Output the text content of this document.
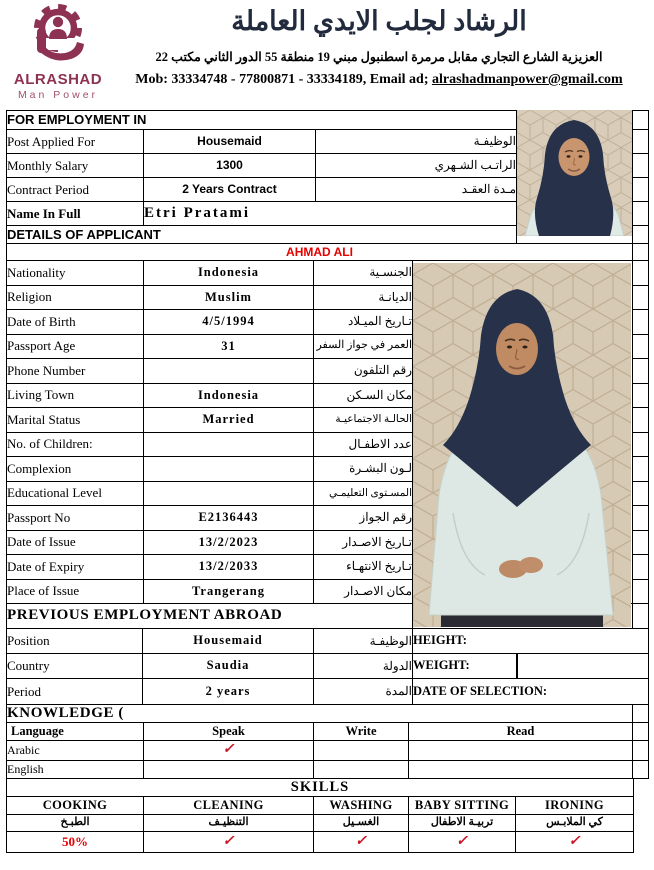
ALRASHAD
Man Power
الرشاد لجلب الايدي العاملة
العزيزية الشارع التجاري مقابل مرمرة اسطنبول مبني 19 منطقة 55 الدور الثاني مكتب 22
Mob: 33334748 - 77800871 - 33334189, Email ad; alrashadmanpower@gmail.com
FOR EMPLOYMENT IN				
Post Applied For	Housemaid	الوظيفـة		
Monthly Salary	1300	الراتـب الشـهري		
Contract Period	2 Years Contract	مـدة العقـد		
Name In Full	Etri Pratami			
DETAILS OF APPLICANT				
AHMAD ALI	
Nationality	Indonesia	الجنسـية		
Religion	Muslim	الديانـة		
Date of Birth	4/5/1994	تـاريخ الميـلاد		
Passport Age	31	العمر في جواز السفر		
Phone Number		رقم التلفون		
Living Town	Indonesia	مكان السـكن		
Marital Status	Married	الحالـة الاجتماعيـة		
No. of Children:		عدد الاطفـال		
Complexion		لـون البشـرة		
Educational Level		المسـتوى التعليمـي		
Passport No	E2136443	رقم الجواز		
Date of Issue	13/2/2023	تـاريخ الاصـدار		
Date of Expiry	13/2/2033	تـاريخ الانتهـاء		
Place of Issue	Trangerang	مكان الاصـدار		
PREVIOUS EMPLOYMENT ABROAD		
Position	Housemaid	الوظيفـة	HEIGHT:
Country	Saudia	الدولة	WEIGHT:

Period	2 years	المدة	DATE OF SELECTION:
KNOWLEDGE (	
Language	Speak	Write	Read	
Arabic	✓			
English				
SKILLS
COOKING	CLEANING	WASHING	BABY SITTING	IRONING
الطبـخ	التنظيـف	الغسـيل	تربيـة الاطفال	كي الملابـس
50%	✓	✓	✓	✓
